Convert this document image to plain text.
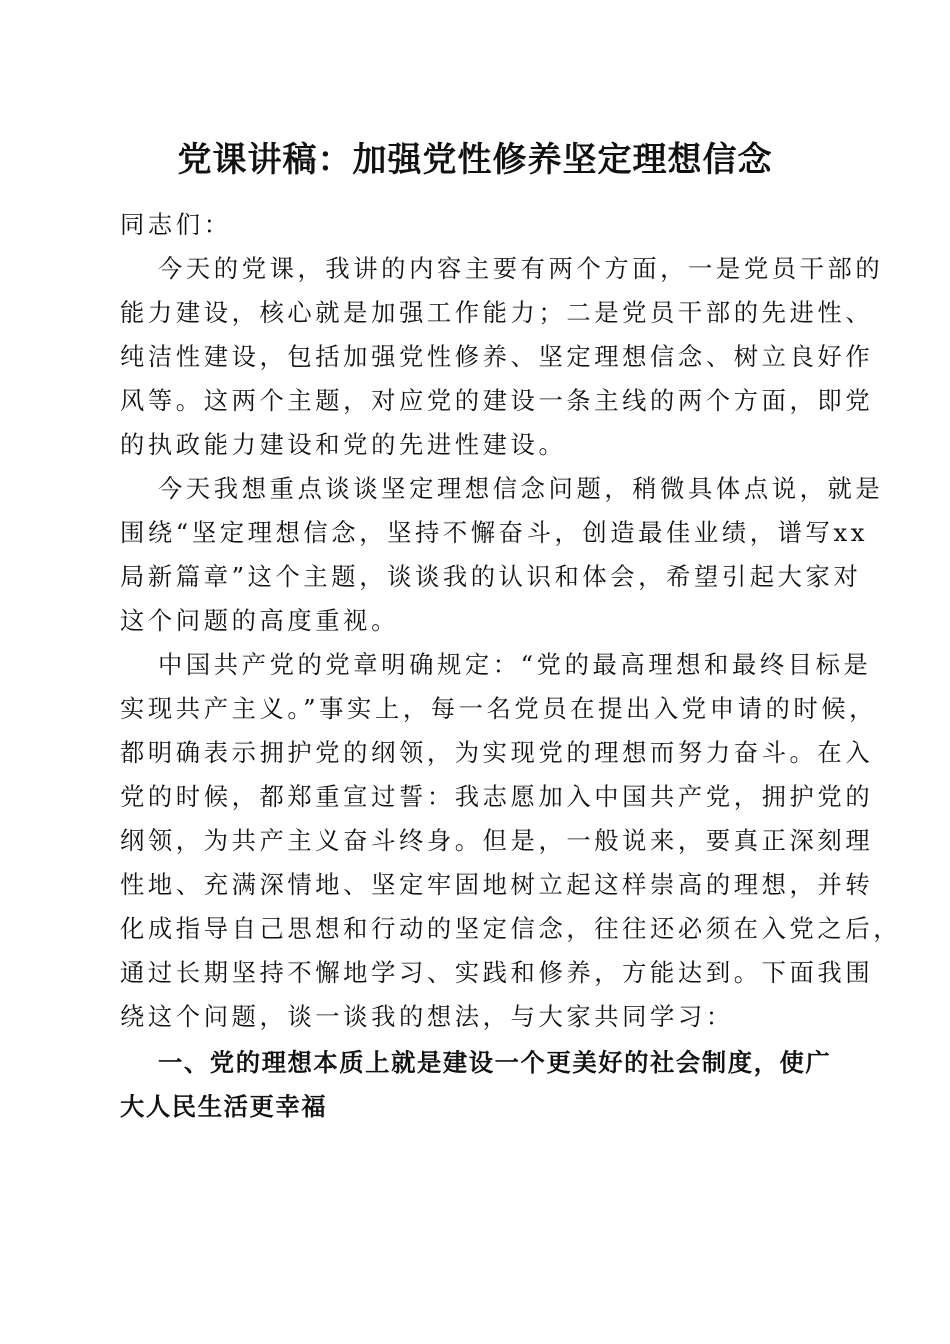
党课讲稿：加强党性修养坚定理想信念
同志们：
今天的党课，我讲的内容主要有两个方面，一是党员干部的
能力建设，核心就是加强工作能力；二是党员干部的先进性、
纯洁性建设，包括加强党性修养、坚定理想信念、树立良好作
风等。这两个主题，对应党的建设一条主线的两个方面，即党
的执政能力建设和党的先进性建设。
今天我想重点谈谈坚定理想信念问题，稍微具体点说，就是
围绕“坚定理想信念，坚持不懈奋斗，创造最佳业绩，谱写xx
局新篇章”这个主题，谈谈我的认识和体会，希望引起大家对
这个问题的高度重视。
中国共产党的党章明确规定：“党的最高理想和最终目标是
实现共产主义。”事实上，每一名党员在提出入党申请的时候，
都明确表示拥护党的纲领，为实现党的理想而努力奋斗。在入
党的时候，都郑重宣过誓：我志愿加入中国共产党，拥护党的
纲领，为共产主义奋斗终身。但是，一般说来，要真正深刻理
性地、充满深情地、坚定牢固地树立起这样崇高的理想，并转
化成指导自己思想和行动的坚定信念，往往还必须在入党之后，
通过长期坚持不懈地学习、实践和修养，方能达到。下面我围
绕这个问题，谈一谈我的想法，与大家共同学习：
一、党的理想本质上就是建设一个更美好的社会制度，使广
大人民生活更幸福
